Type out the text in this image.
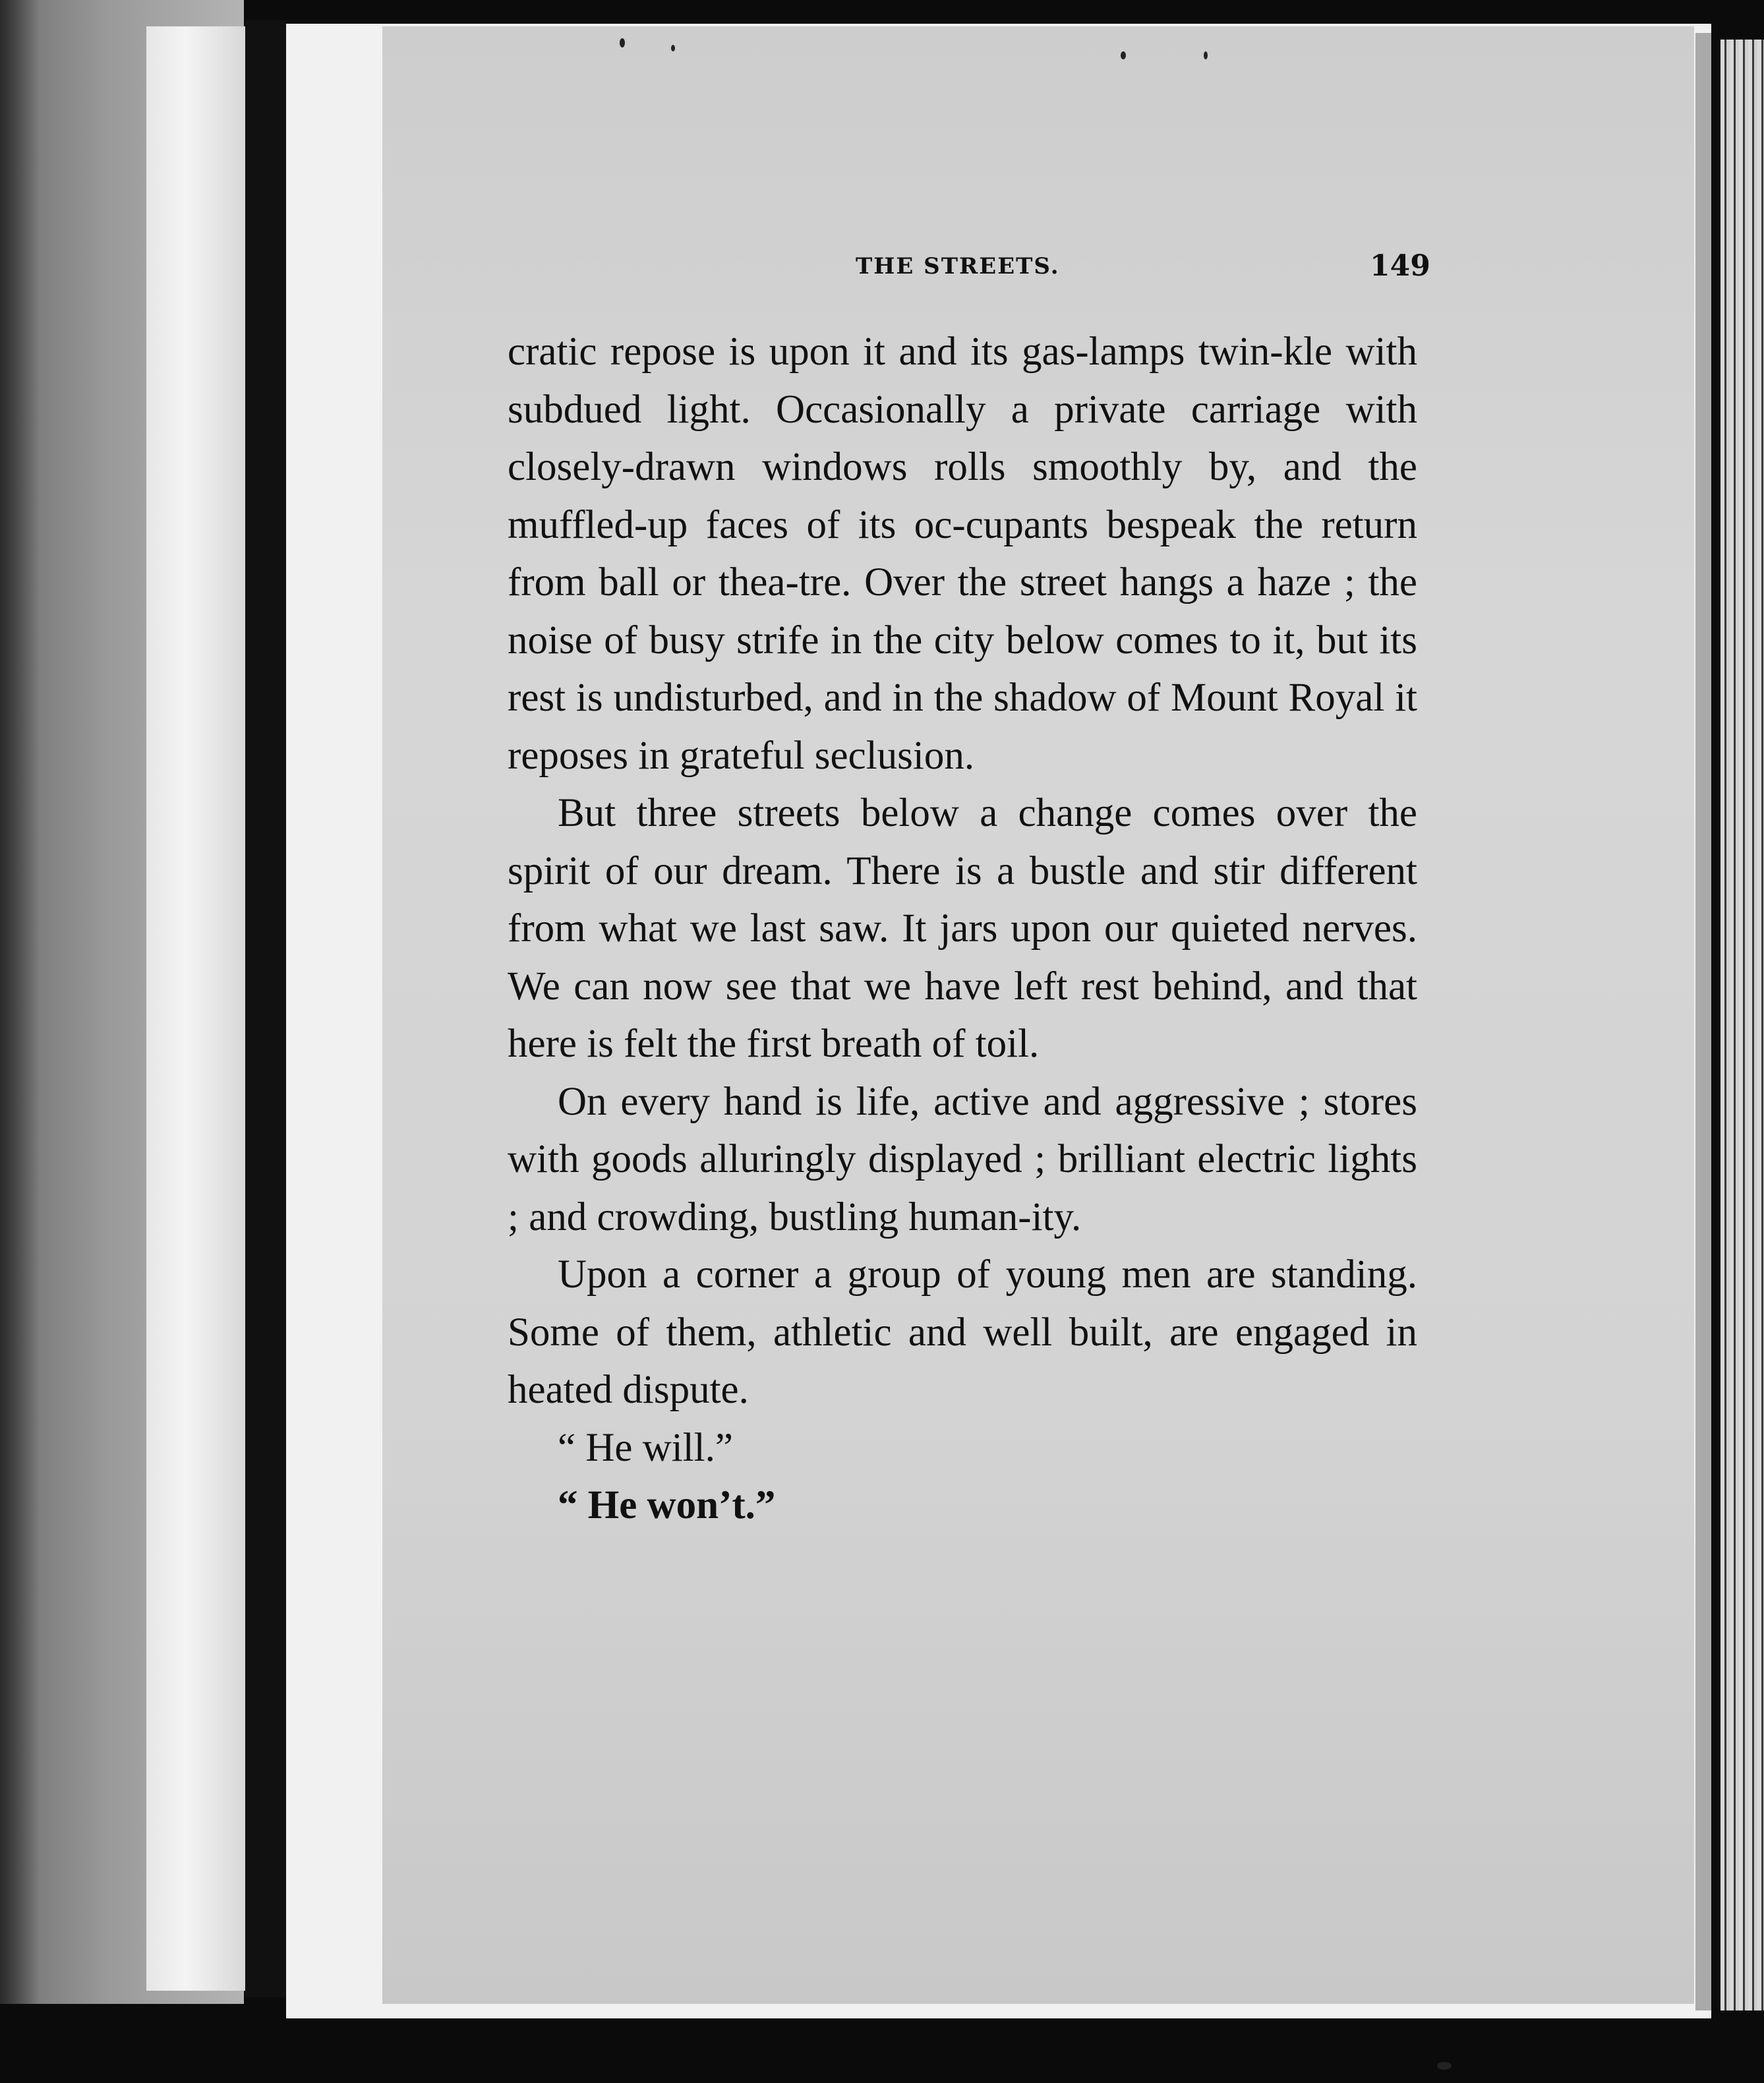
THE STREETS.	149

cratic repose is upon it and its gas-lamps twin-kle with subdued light. Occasionally a private carriage with closely-drawn windows rolls smoothly by, and the muffled-up faces of its oc-cupants bespeak the return from ball or thea-tre. Over the street hangs a haze ; the noise of busy strife in the city below comes to it, but its rest is undisturbed, and in the shadow of Mount Royal it reposes in grateful seclusion.

But three streets below a change comes over the spirit of our dream. There is a bustle and stir different from what we last saw. It jars upon our quieted nerves. We can now see that we have left rest behind, and that here is felt the first breath of toil.

On every hand is life, active and aggressive ; stores with goods alluringly displayed ; brilliant electric lights ; and crowding, bustling human-ity.

Upon a corner a group of young men are standing. Some of them, athletic and well built, are engaged in heated dispute.

“ He will.”

“ He won’t.”
